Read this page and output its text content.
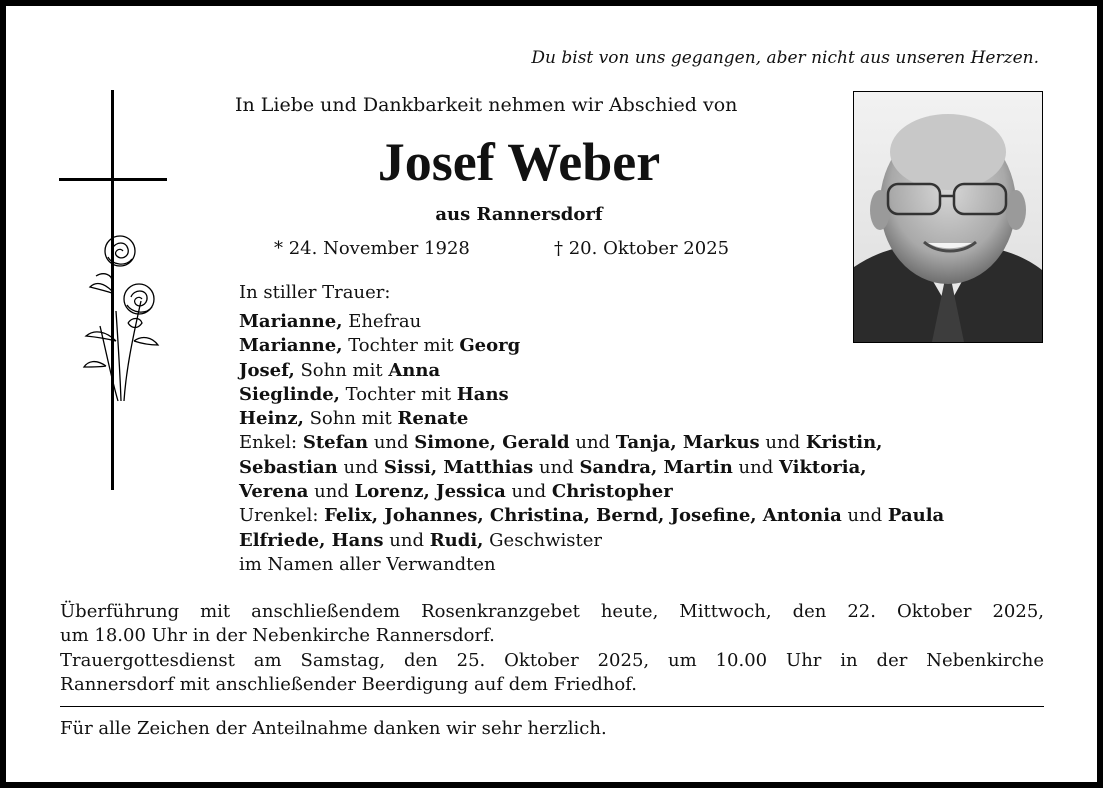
Du bist von uns gegangen, aber nicht aus unseren Herzen.
In Liebe und Dankbarkeit nehmen wir Abschied von
Josef Weber
aus Rannersdorf
* 24. November 1928	† 20. Oktober 2025
In stiller Trauer:
Marianne, Ehefrau
Marianne, Tochter mit Georg
Josef, Sohn mit Anna
Sieglinde, Tochter mit Hans
Heinz, Sohn mit Renate
Enkel: Stefan und Simone, Gerald und Tanja, Markus und Kristin,
Sebastian und Sissi, Matthias und Sandra, Martin und Viktoria,
Verena und Lorenz, Jessica und Christopher
Urenkel: Felix, Johannes, Christina, Bernd, Josefine, Antonia und Paula
Elfriede, Hans und Rudi, Geschwister
im Namen aller Verwandten
Überführung mit anschließendem Rosenkranzgebet heute, Mittwoch, den 22. Oktober 2025,
um 18.00 Uhr in der Nebenkirche Rannersdorf.
Trauergottesdienst am Samstag, den 25. Oktober 2025, um 10.00 Uhr in der Nebenkirche
Rannersdorf mit anschließender Beerdigung auf dem Friedhof.
Für alle Zeichen der Anteilnahme danken wir sehr herzlich.
